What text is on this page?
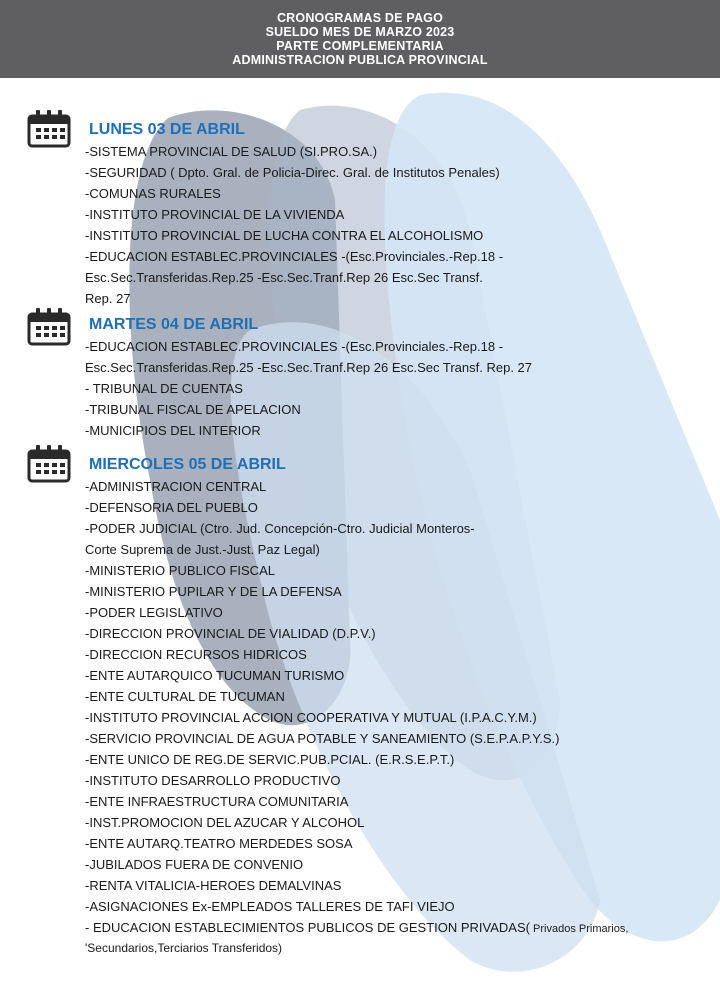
CRONOGRAMAS DE PAGO
SUELDO MES DE MARZO 2023
PARTE COMPLEMENTARIA
ADMINISTRACION PUBLICA PROVINCIAL
LUNES 03 DE ABRIL
-SISTEMA PROVINCIAL DE SALUD (SI.PRO.SA.)
-SEGURIDAD ( Dpto. Gral. de Policia-Direc. Gral. de Institutos Penales)
-COMUNAS RURALES
-INSTITUTO PROVINCIAL DE LA VIVIENDA
-INSTITUTO PROVINCIAL DE LUCHA CONTRA EL ALCOHOLISMO
-EDUCACION ESTABLEC.PROVINCIALES -(Esc.Provinciales.-Rep.18 -
Esc.Sec.Transferidas.Rep.25 -Esc.Sec.Tranf.Rep 26 Esc.Sec Transf.
Rep. 27
MARTES 04 DE ABRIL
-EDUCACION ESTABLEC.PROVINCIALES -(Esc.Provinciales.-Rep.18 -
Esc.Sec.Transferidas.Rep.25 -Esc.Sec.Tranf.Rep 26 Esc.Sec Transf. Rep. 27
- TRIBUNAL DE CUENTAS
-TRIBUNAL FISCAL DE APELACION
-MUNICIPIOS DEL INTERIOR
MIERCOLES 05 DE ABRIL
-ADMINISTRACION CENTRAL
-DEFENSORIA DEL PUEBLO
-PODER JUDICIAL (Ctro. Jud. Concepción-Ctro. Judicial Monteros-
Corte Suprema de Just.-Just. Paz Legal)
-MINISTERIO PUBLICO FISCAL
-MINISTERIO PUPILAR Y DE LA DEFENSA
-PODER LEGISLATIVO
-DIRECCION PROVINCIAL DE VIALIDAD (D.P.V.)
-DIRECCION RECURSOS HIDRICOS
-ENTE AUTARQUICO TUCUMAN TURISMO
-ENTE CULTURAL DE TUCUMAN
-INSTITUTO PROVINCIAL ACCION COOPERATIVA Y MUTUAL (I.P.A.C.Y.M.)
-SERVICIO PROVINCIAL DE AGUA POTABLE Y SANEAMIENTO (S.E.P.A.P.Y.S.)
-ENTE UNICO DE REG.DE SERVIC.PUB.PCIAL. (E.R.S.E.P.T.)
-INSTITUTO DESARROLLO PRODUCTIVO
-ENTE INFRAESTRUCTURA COMUNITARIA
-INST.PROMOCION DEL AZUCAR Y ALCOHOL
-ENTE AUTARQ.TEATRO MERDEDES SOSA
-JUBILADOS FUERA DE CONVENIO
-RENTA VITALICIA-HEROES DEMALVINAS
-ASIGNACIONES Ex-EMPLEADOS TALLERES DE TAFI VIEJO
- EDUCACION ESTABLECIMIENTOS PUBLICOS DE GESTION PRIVADAS( Privados Primarios,
'Secundarios,Terciarios Transferidos)
